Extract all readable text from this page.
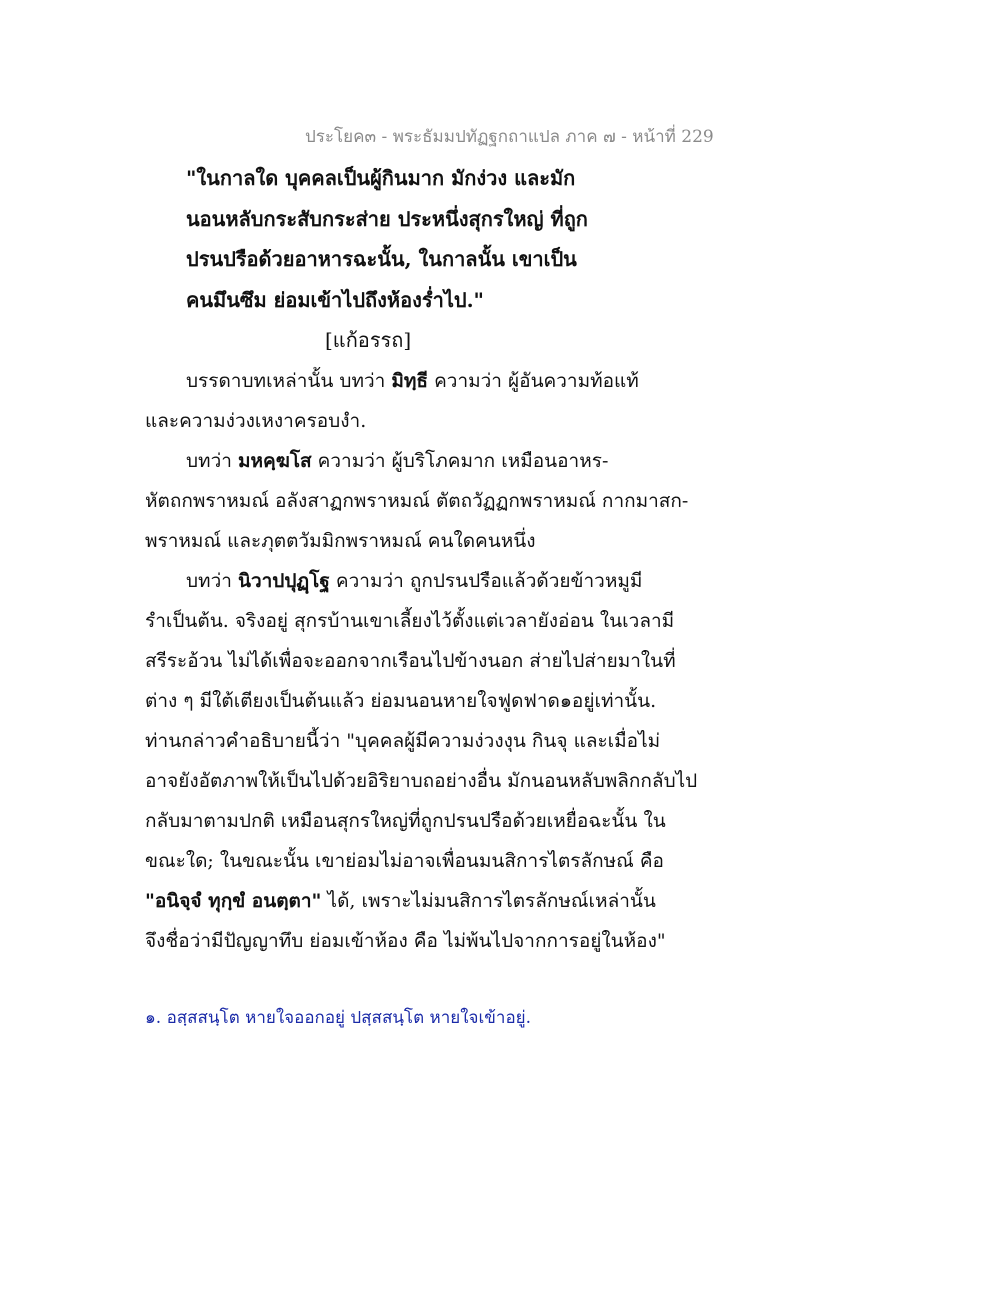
ประโยค๓ - พระธัมมปทัฏฐกถาแปล ภาค ๗ - หน้าที่ 229
"ในกาลใด บุคคลเป็นผู้กินมาก มักง่วง และมัก
นอนหลับกระสับกระส่าย ประหนึ่งสุกรใหญ่ ที่ถูก
ปรนปรือด้วยอาหารฉะนั้น, ในกาลนั้น เขาเป็น
คนมึนซึม ย่อมเข้าไปถึงห้องร่ำไป."
[แก้อรรถ]
บรรดาบทเหล่านั้น บทว่า มิทฺธี ความว่า ผู้อันความท้อแท้
และความง่วงเหงาครอบงำ.
บทว่า มหคฺฆโส ความว่า ผู้บริโภคมาก เหมือนอาหร-
หัตถกพราหมณ์ อลังสาฏกพราหมณ์ ตัตถวัฏฏกพราหมณ์ กากมาสก-
พราหมณ์ และภุตตวัมมิกพราหมณ์ คนใดคนหนึ่ง
บทว่า นิวาปปุฏฺโฐ ความว่า ถูกปรนปรือแล้วด้วยข้าวหมูมี
รำเป็นต้น. จริงอยู่ สุกรบ้านเขาเลี้ยงไว้ตั้งแต่เวลายังอ่อน ในเวลามี
สรีระอ้วน ไม่ได้เพื่อจะออกจากเรือนไปข้างนอก ส่ายไปส่ายมาในที่
ต่าง ๆ มีใต้เตียงเป็นต้นแล้ว ย่อมนอนหายใจฟูดฟาด๑อยู่เท่านั้น.
ท่านกล่าวคำอธิบายนี้ว่า "บุคคลผู้มีความง่วงงุน กินจุ และเมื่อไม่
อาจยังอัตภาพให้เป็นไปด้วยอิริยาบถอย่างอื่น มักนอนหลับพลิกกลับไป
กลับมาตามปกติ เหมือนสุกรใหญ่ที่ถูกปรนปรือด้วยเหยื่อฉะนั้น ใน
ขณะใด; ในขณะนั้น เขาย่อมไม่อาจเพื่อนมนสิการไตรลักษณ์ คือ
"อนิจฺจํ ทุกฺขํ อนตฺตา" ได้, เพราะไม่มนสิการไตรลักษณ์เหล่านั้น
จึงชื่อว่ามีปัญญาทึบ ย่อมเข้าห้อง คือ ไม่พ้นไปจากการอยู่ในห้อง"
๑. อสฺสสนฺโต หายใจออกอยู่ ปสฺสสนฺโต หายใจเข้าอยู่.
